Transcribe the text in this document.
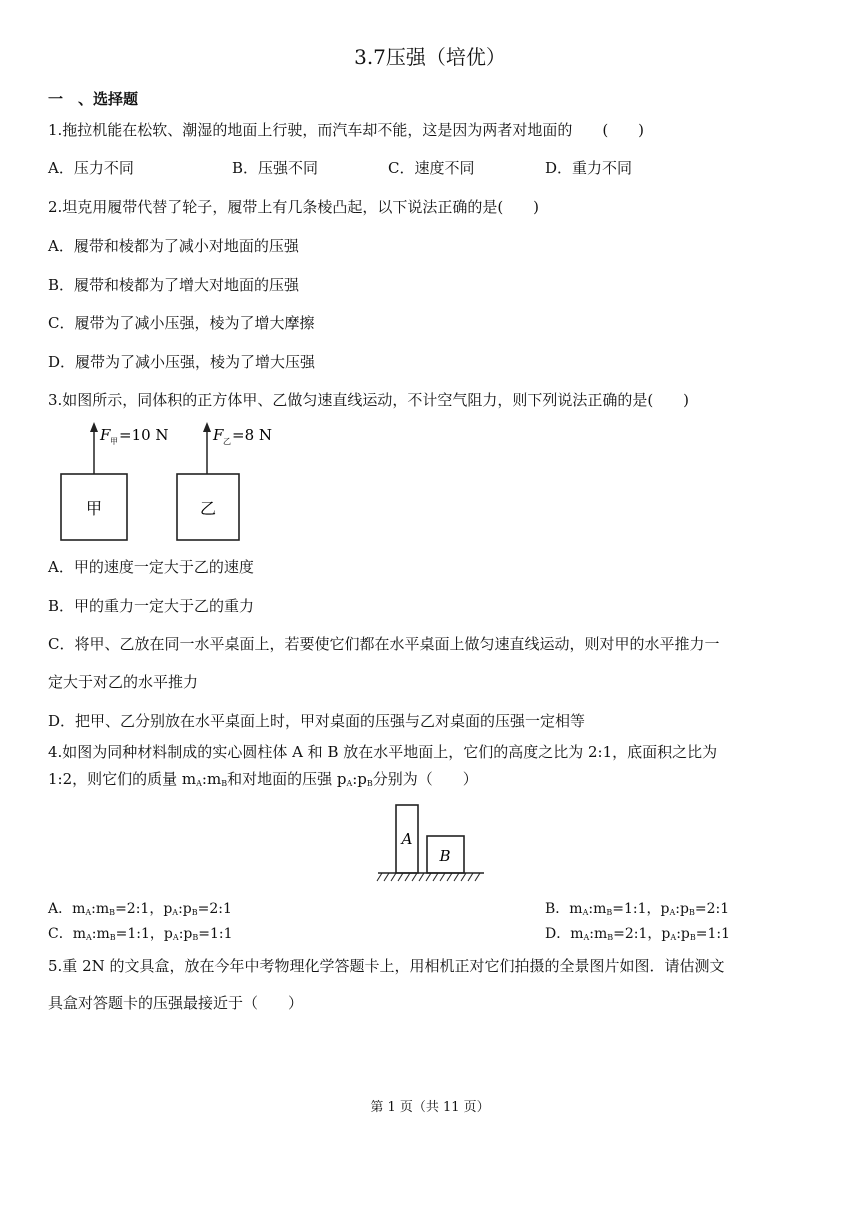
3.7压强（培优）
一　、选择题
1.拖拉机能在松软、潮湿的地面上行驶，而汽车却不能，这是因为两者对地面的　　(　　)
A．压力不同	B．压强不同	C．速度不同	D．重力不同
2.坦克用履带代替了轮子，履带上有几条棱凸起，以下说法正确的是(　　)
A．履带和棱都为了减小对地面的压强
B．履带和棱都为了增大对地面的压强
C．履带为了减小压强，棱为了增大摩擦
D．履带为了减小压强，棱为了增大压强
3.如图所示，同体积的正方体甲、乙做匀速直线运动，不计空气阻力，则下列说法正确的是(　　)
甲
F 甲 =10 N
乙
F 乙 =8 N
A．甲的速度一定大于乙的速度
B．甲的重力一定大于乙的重力
C．将甲、乙放在同一水平桌面上，若要使它们都在水平桌面上做匀速直线运动，则对甲的水平推力一
定大于对乙的水平推力
D．把甲、乙分别放在水平桌面上时，甲对桌面的压强与乙对桌面的压强一定相等
4.如图为同种材料制成的实心圆柱体 A 和 B 放在水平地面上，它们的高度之比为 2:1，底面积之比为
1:2，则它们的质量 $m_A:m_B$和对地面的压强 $p_A:p_B$分别为（　　）
A
B
A．$m_A:m_B=2:1$，$p_A:p_B=2:1$	B．$m_A:m_B=1:1$，$p_A:p_B=2:1$
C．$m_A:m_B=1:1$，$p_A:p_B=1:1$	D．$m_A:m_B=2:1$，$p_A:p_B=1:1$
5.重 2N 的文具盒，放在今年中考物理化学答题卡上，用相机正对它们拍摄的全景图片如图．请估测文
具盒对答题卡的压强最接近于（　　）
第 1 页（共 11 页）
